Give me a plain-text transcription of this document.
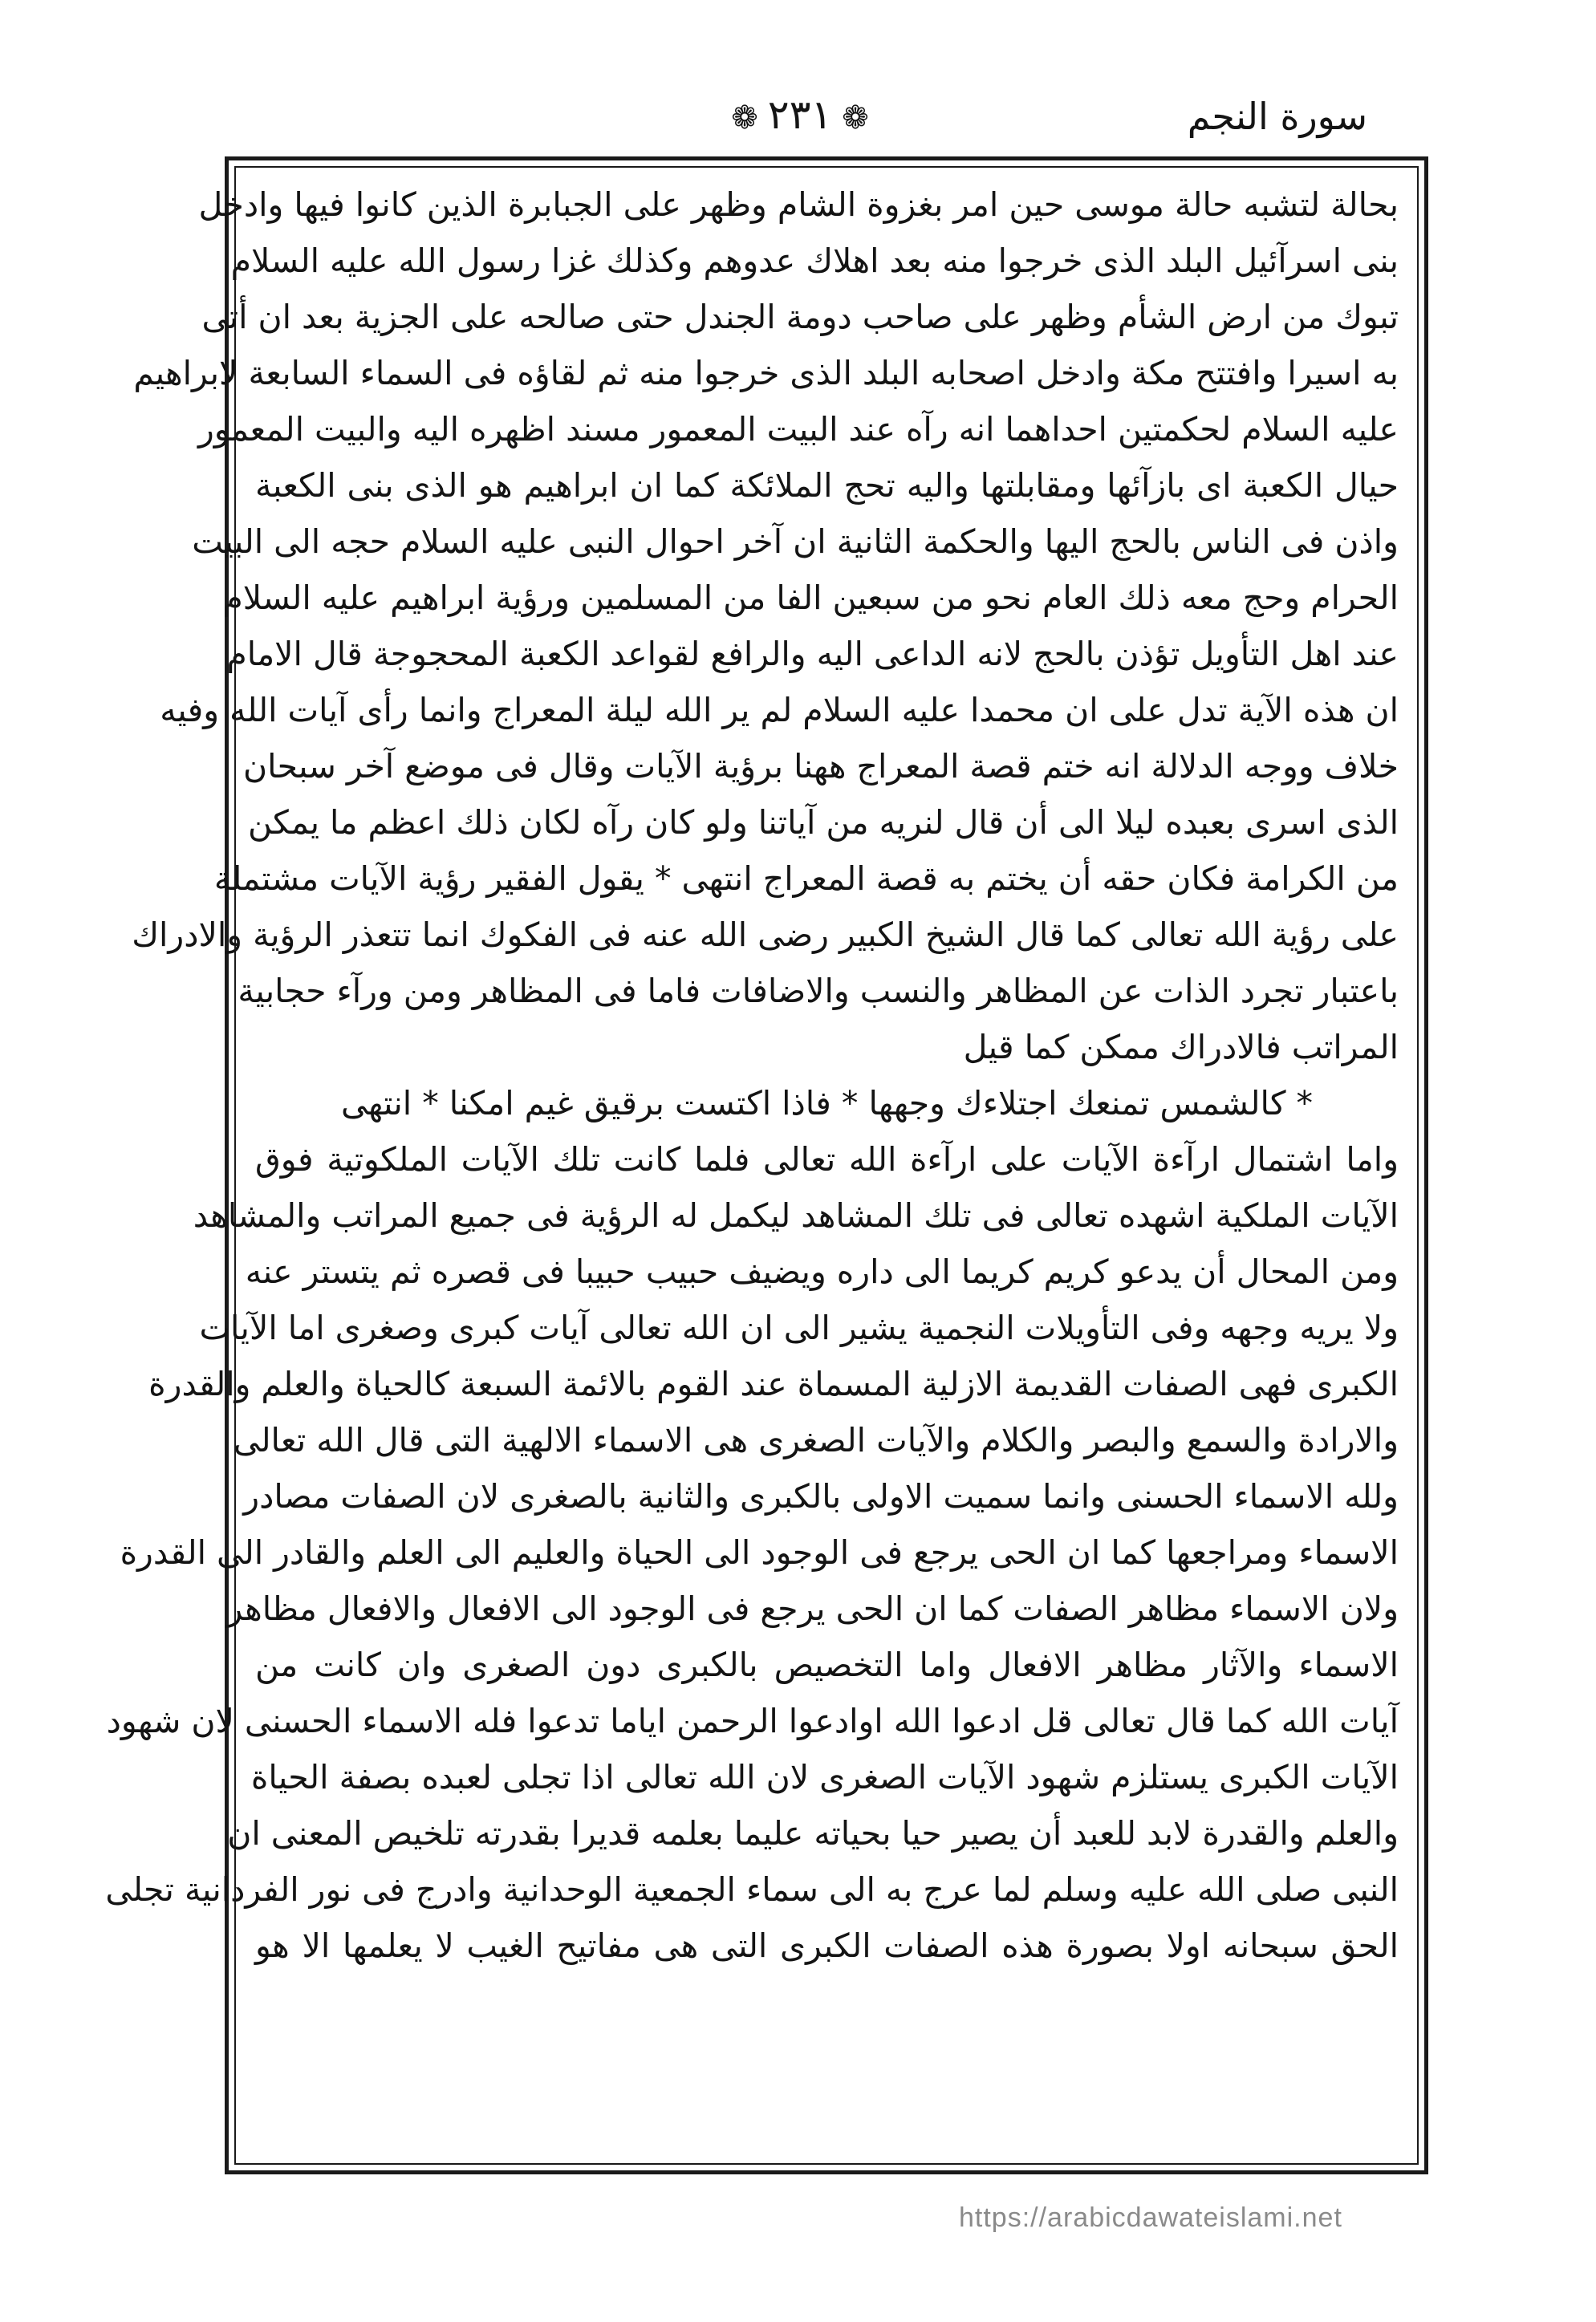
❁ ٢٣١ ❁	سورة النجم
بحالة لتشبه حالة موسى حين امر بغزوة الشام وظهر على الجبابرة الذين كانوا فيها وادخل
بنى اسرآئيل البلد الذى خرجوا منه بعد اهلاك عدوهم وكذلك غزا رسول الله عليه السلام
تبوك من ارض الشأم وظهر على صاحب دومة الجندل حتى صالحه على الجزية بعد ان أتى
به اسيرا وافتتح مكة وادخل اصحابه البلد الذى خرجوا منه ثم لقاؤه فى السماء السابعة لابراهيم
عليه السلام لحكمتين احداهما انه رآه عند البيت المعمور مسند اظهره اليه والبيت المعمور
حيال الكعبة اى بازآئها ومقابلتها واليه تحج الملائكة كما ان ابراهيم هو الذى بنى الكعبة
واذن فى الناس بالحج اليها والحكمة الثانية ان آخر احوال النبى عليه السلام حجه الى البيت
الحرام وحج معه ذلك العام نحو من سبعين الفا من المسلمين ورؤية ابراهيم عليه السلام
عند اهل التأويل تؤذن بالحج لانه الداعى اليه والرافع لقواعد الكعبة المحجوجة قال الامام
ان هذه الآية تدل على ان محمدا عليه السلام لم ير الله ليلة المعراج وانما رأى آيات الله وفيه
خلاف ووجه الدلالة انه ختم قصة المعراج ههنا برؤية الآيات وقال فى موضع آخر سبحان
الذى اسرى بعبده ليلا الى أن قال لنريه من آياتنا ولو كان رآه لكان ذلك اعظم ما يمكن
من الكرامة فكان حقه أن يختم به قصة المعراج انتهى * يقول الفقير رؤية الآيات مشتملة
على رؤية الله تعالى كما قال الشيخ الكبير رضى الله عنه فى الفكوك انما تتعذر الرؤية والادراك
باعتبار تجرد الذات عن المظاهر والنسب والاضافات فاما فى المظاهر ومن ورآء حجابية
المراتب فالادراك ممكن كما قيل
* كالشمس تمنعك اجتلاءك وجهها * فاذا اكتست برقيق غيم امكنا * انتهى
واما اشتمال ارآءة الآيات على ارآءة الله تعالى فلما كانت تلك الآيات الملكوتية فوق
الآيات الملكية اشهده تعالى فى تلك المشاهد ليكمل له الرؤية فى جميع المراتب والمشاهد
ومن المحال أن يدعو كريم كريما الى داره ويضيف حبيب حبيبا فى قصره ثم يتستر عنه
ولا يريه وجهه وفى التأويلات النجمية يشير الى ان الله تعالى آيات كبرى وصغرى اما الآيات
الكبرى فهى الصفات القديمة الازلية المسماة عند القوم بالائمة السبعة كالحياة والعلم والقدرة
والارادة والسمع والبصر والكلام والآيات الصغرى هى الاسماء الالهية التى قال الله تعالى
ولله الاسماء الحسنى وانما سميت الاولى بالكبرى والثانية بالصغرى لان الصفات مصادر
الاسماء ومراجعها كما ان الحى يرجع فى الوجود الى الحياة والعليم الى العلم والقادر الى القدرة
ولان الاسماء مظاهر الصفات كما ان الحى يرجع فى الوجود الى الافعال والافعال مظاهر
الاسماء والآثار مظاهر الافعال واما التخصيص بالكبرى دون الصغرى وان كانت من
آيات الله كما قال تعالى قل ادعوا الله اوادعوا الرحمن اياما تدعوا فله الاسماء الحسنى لان شهود
الآيات الكبرى يستلزم شهود الآيات الصغرى لان الله تعالى اذا تجلى لعبده بصفة الحياة
والعلم والقدرة لابد للعبد أن يصير حيا بحياته عليما بعلمه قديرا بقدرته تلخيص المعنى ان
النبى صلى الله عليه وسلم لما عرج به الى سماء الجمعية الوحدانية وادرج فى نور الفردانية تجلى
الحق سبحانه اولا بصورة هذه الصفات الكبرى التى هى مفاتيح الغيب لا يعلمها الا هو
https://arabicdawateislami.net
